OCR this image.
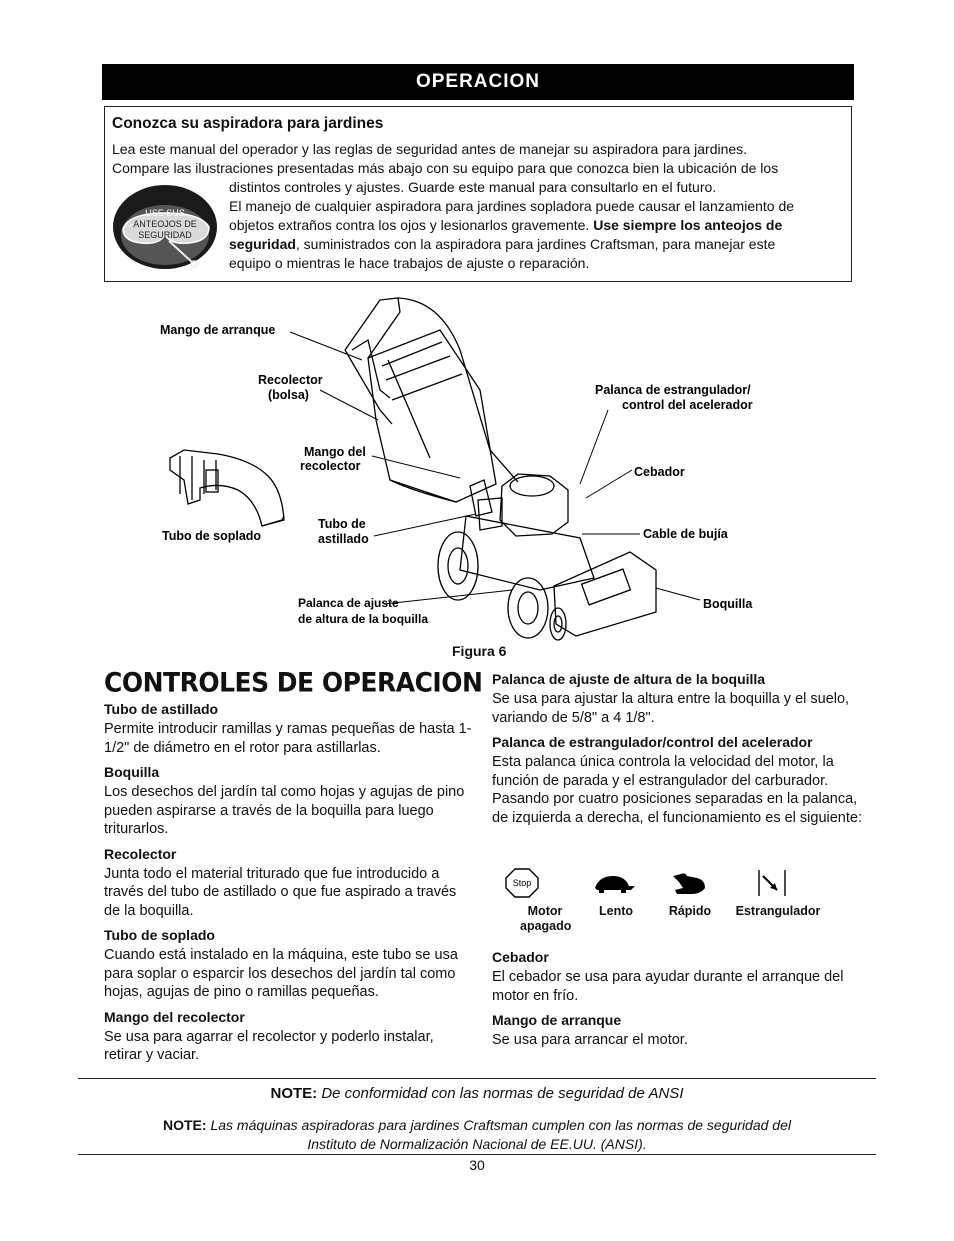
OPERACION
Conozca su aspiradora para jardines
Lea este manual del operador y las reglas de seguridad antes de manejar su aspiradora para jardines.
Compare las ilustraciones presentadas más abajo con su equipo para que conozca bien la ubicación de los
distintos controles y ajustes. Guarde este manual para consultarlo en el futuro.
El manejo de cualquier aspiradora para jardines sopladora puede causar el lanzamiento de
objetos extraños contra los ojos y lesionarlos gravemente. Use siempre los anteojos de
seguridad, suministrados con la aspiradora para jardines Craftsman, para manejar este
equipo o mientras le hace trabajos de ajuste o reparación.
USE SUS
ANTEOJOS DE
SEGURIDAD
Mango de arranque
Recolector
(bolsa)
Mango del
recolector
Tubo de
astillado
Tubo de soplado
Palanca de estrangulador/
control del acelerador
Cebador
Cable de bujía
Boquilla
Palanca de ajuste
de altura de la boquilla
Figura 6
CONTROLES DE OPERACION
Tubo de astillado

Permite introducir ramillas y ramas pequeñas de hasta 1-1/2" de diámetro en el rotor para astillarlas.

Boquilla

Los desechos del jardín tal como hojas y agujas de pino pueden aspirarse a través de la boquilla para luego triturarlos.

Recolector

Junta todo el material triturado que fue introducido a través del tubo de astillado o que fue aspirado a través de la boquilla.

Tubo de soplado

Cuando está instalado en la máquina, este tubo se usa para soplar o esparcir los desechos del jardín tal como hojas, agujas de pino o ramillas pequeñas.

Mango del recolector

Se usa para agarrar el recolector y poderlo instalar, retirar y vaciar.

Palanca de ajuste de altura de la boquilla

Se usa para ajustar la altura entre la boquilla y el suelo, variando de 5/8" a 4 1/8".

Palanca de estrangulador/control del acelerador

Esta palanca única controla la velocidad del motor, la función de parada y el estrangulador del carburador. Pasando por cuatro posiciones separadas en la palanca, de izquierda a derecha, el funcionamiento es el siguiente:

Stop
Motor
apagado
Lento	Rápido	Estrangulador
Cebador

El cebador se usa para ayudar durante el arranque del motor en frío.

Mango de arranque

Se usa para arrancar el motor.

NOTE: De conformidad con las normas de seguridad de ANSI
NOTE: Las máquinas aspiradoras para jardines Craftsman cumplen con las normas de seguridad del
Instituto de Normalización Nacional de EE.UU. (ANSI).
30
